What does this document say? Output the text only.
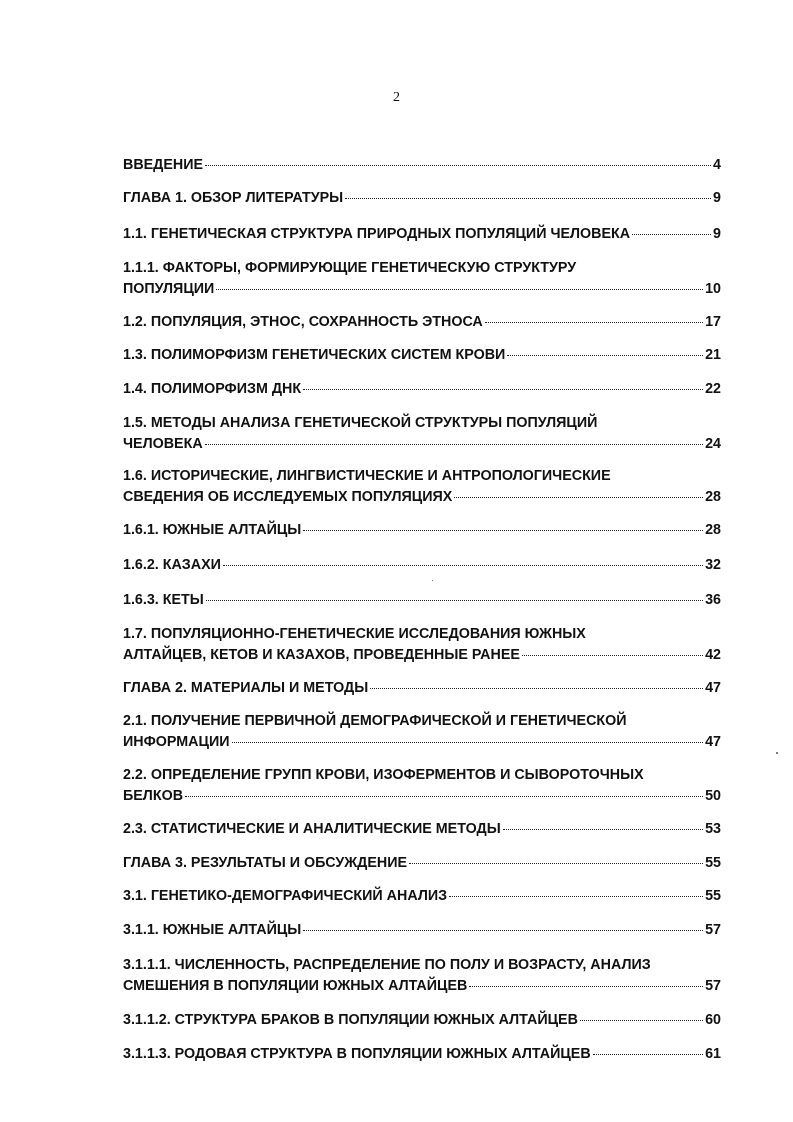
2
ВВЕДЕНИЕ	4
ГЛАВА 1. ОБЗОР ЛИТЕРАТУРЫ	9
1.1. ГЕНЕТИЧЕСКАЯ СТРУКТУРА ПРИРОДНЫХ ПОПУЛЯЦИЙ ЧЕЛОВЕКА	9
1.1.1. ФАКТОРЫ, ФОРМИРУЮЩИЕ ГЕНЕТИЧЕСКУЮ СТРУКТУРУ
ПОПУЛЯЦИИ	10
1.2. ПОПУЛЯЦИЯ, ЭТНОС, СОХРАННОСТЬ ЭТНОСА	17
1.3. ПОЛИМОРФИЗМ ГЕНЕТИЧЕСКИХ СИСТЕМ КРОВИ	21
1.4. ПОЛИМОРФИЗМ ДНК	22
1.5. МЕТОДЫ АНАЛИЗА ГЕНЕТИЧЕСКОЙ СТРУКТУРЫ ПОПУЛЯЦИЙ
ЧЕЛОВЕКА	24
1.6. ИСТОРИЧЕСКИЕ, ЛИНГВИСТИЧЕСКИЕ И АНТРОПОЛОГИЧЕСКИЕ
СВЕДЕНИЯ ОБ ИССЛЕДУЕМЫХ ПОПУЛЯЦИЯХ	28
1.6.1. ЮЖНЫЕ АЛТАЙЦЫ	28
1.6.2. КАЗАХИ	32
1.6.3. КЕТЫ	36
1.7. ПОПУЛЯЦИОННО-ГЕНЕТИЧЕСКИЕ ИССЛЕДОВАНИЯ ЮЖНЫХ
АЛТАЙЦЕВ, КЕТОВ И КАЗАХОВ, ПРОВЕДЕННЫЕ РАНЕЕ	42
ГЛАВА 2. МАТЕРИАЛЫ И МЕТОДЫ	47
2.1. ПОЛУЧЕНИЕ ПЕРВИЧНОЙ ДЕМОГРАФИЧЕСКОЙ И ГЕНЕТИЧЕСКОЙ
ИНФОРМАЦИИ	47
2.2. ОПРЕДЕЛЕНИЕ ГРУПП КРОВИ, ИЗОФЕРМЕНТОВ И СЫВОРОТОЧНЫХ
БЕЛКОВ	50
2.3. СТАТИСТИЧЕСКИЕ И АНАЛИТИЧЕСКИЕ МЕТОДЫ	53
ГЛАВА 3. РЕЗУЛЬТАТЫ И ОБСУЖДЕНИЕ	55
3.1. ГЕНЕТИКО-ДЕМОГРАФИЧЕСКИЙ АНАЛИЗ	55
3.1.1. ЮЖНЫЕ АЛТАЙЦЫ	57
3.1.1.1. ЧИСЛЕННОСТЬ, РАСПРЕДЕЛЕНИЕ ПО ПОЛУ И ВОЗРАСТУ, АНАЛИЗ
СМЕШЕНИЯ В ПОПУЛЯЦИИ ЮЖНЫХ АЛТАЙЦЕВ	57
3.1.1.2. СТРУКТУРА БРАКОВ В ПОПУЛЯЦИИ ЮЖНЫХ АЛТАЙЦЕВ	60
3.1.1.3. РОДОВАЯ СТРУКТУРА В ПОПУЛЯЦИИ ЮЖНЫХ АЛТАЙЦЕВ	61
